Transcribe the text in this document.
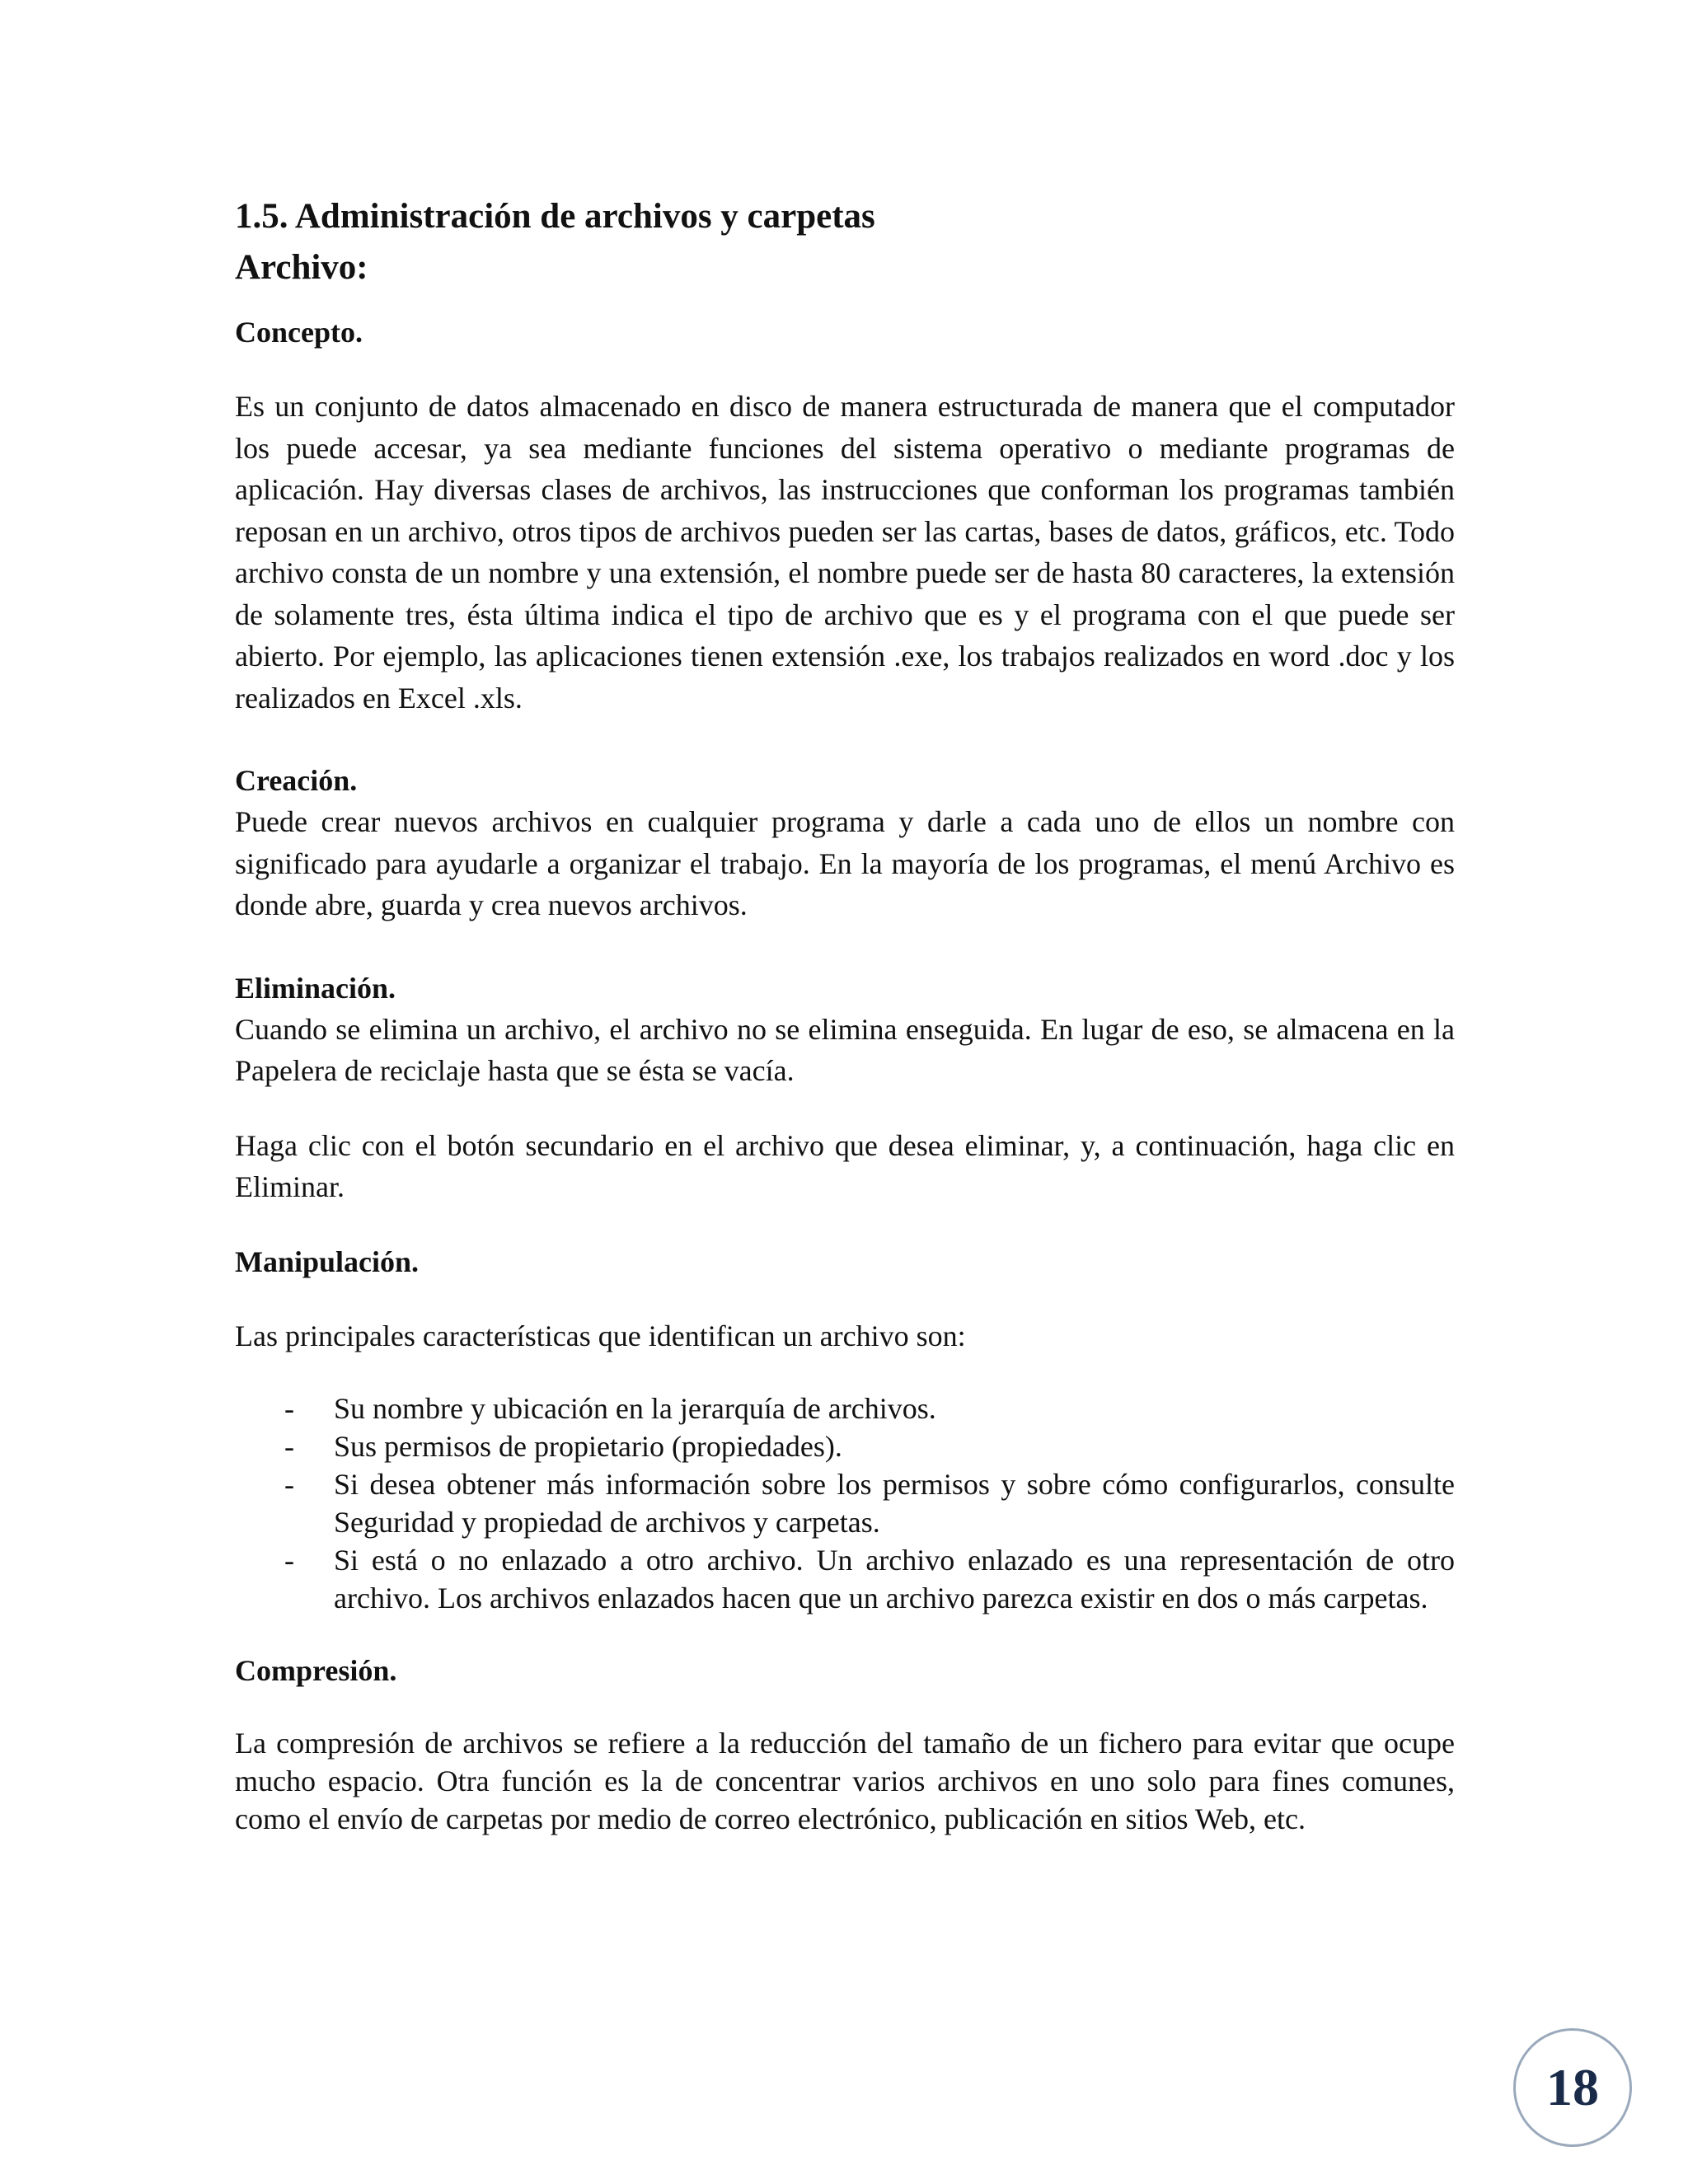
1.5. Administración de archivos y carpetas
Archivo:
Concepto.

Es un conjunto de datos almacenado en disco de manera estructurada de manera que el computador los puede accesar, ya sea mediante funciones del sistema operativo o mediante programas de aplicación. Hay diversas clases de archivos, las instrucciones que conforman los programas también reposan en un archivo, otros tipos de archivos pueden ser las cartas, bases de datos, gráficos, etc. Todo archivo consta de un nombre y una extensión, el nombre puede ser de hasta 80 caracteres, la extensión de solamente tres, ésta última indica el tipo de archivo que es y el programa con el que puede ser abierto. Por ejemplo, las aplicaciones tienen extensión .exe, los trabajos realizados en word .doc y los realizados en Excel .xls.

Creación.

Puede crear nuevos archivos en cualquier programa y darle a cada uno de ellos un nombre con significado para ayudarle a organizar el trabajo. En la mayoría de los programas, el menú Archivo es donde abre, guarda y crea nuevos archivos.

Eliminación.

Cuando se elimina un archivo, el archivo no se elimina enseguida. En lugar de eso, se almacena en la Papelera de reciclaje hasta que se ésta se vacía.

Haga clic con el botón secundario en el archivo que desea eliminar, y, a continuación, haga clic en Eliminar.

Manipulación.

Las principales características que identifican un archivo son:

- Su nombre y ubicación en la jerarquía de archivos.
- Sus permisos de propietario (propiedades).
- Si desea obtener más información sobre los permisos y sobre cómo configurarlos, consulte Seguridad y propiedad de archivos y carpetas.
- Si está o no enlazado a otro archivo. Un archivo enlazado es una representación de otro archivo. Los archivos enlazados hacen que un archivo parezca existir en dos o más carpetas.
Compresión.

La compresión de archivos se refiere a la reducción del tamaño de un fichero para evitar que ocupe mucho espacio. Otra función es la de concentrar varios archivos en uno solo para fines comunes, como el envío de carpetas por medio de correo electrónico, publicación en sitios Web, etc.

18
